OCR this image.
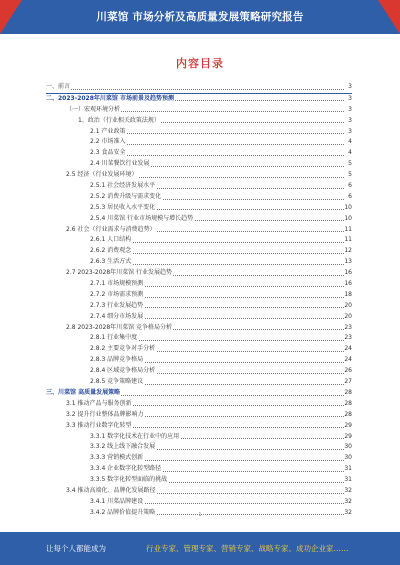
川菜馆 市场分析及高质量发展策略研究报告
内容目录
一、前言	3
二、2023-2028年川菜馆 市场前景及趋势预测	3
（一）宏观环境分析	3
1、政治（行业相关政策法规）	3
2.1 产业政策	3
2.2 市场准入	4
2.3 食品安全	4
2.4 川菜餐饮行业发展	5
2.5 经济（行业发展环境）	5
2.5.1 社会经济发展水平	6
2.5.2 消费升级与需求变化	6
2.5.3 居民收入水平变化	10
2.5.4 川菜馆 行业市场规模与增长趋势	10
2.6 社会（行业需求与消费趋势）	11
2.6.1 人口结构	11
2.6.2 消费观念	12
2.6.3 生活方式	13
2.7 2023-2028年川菜馆 行业发展趋势	16
2.7.1 市场规模预测	16
2.7.2 市场需求预测	18
2.7.3 行业发展趋势	20
2.7.4 细分市场发展	20
2.8 2023-2028年川菜馆 竞争格局分析	23
2.8.1 行业集中度	23
2.8.2 主要竞争对手分析	24
2.8.3 品牌竞争格局	24
2.8.4 区域竞争格局分析	26
2.8.5 竞争策略建议	27
三、川菜馆 高质量发展策略	28
3.1 推动产品与服务创新	28
3.2 提升行业整体品牌影响力	28
3.3 推动行业数字化转型	29
3.3.1 数字化技术在行业中的应用	29
3.3.2 线上线下融合发展	30
3.3.3 营销模式创新	30
3.3.4 企业数字化转型路径	31
3.3.5 数字化转型面临的挑战	31
3.4 推动高端化、品牌化发展路径	32
3.4.1 川菜品牌建设	32
3.4.2 品牌价值提升策略	32
1
让每个人都能成为	行业专家、管理专家、营销专家、战略专家、成功企业家……
